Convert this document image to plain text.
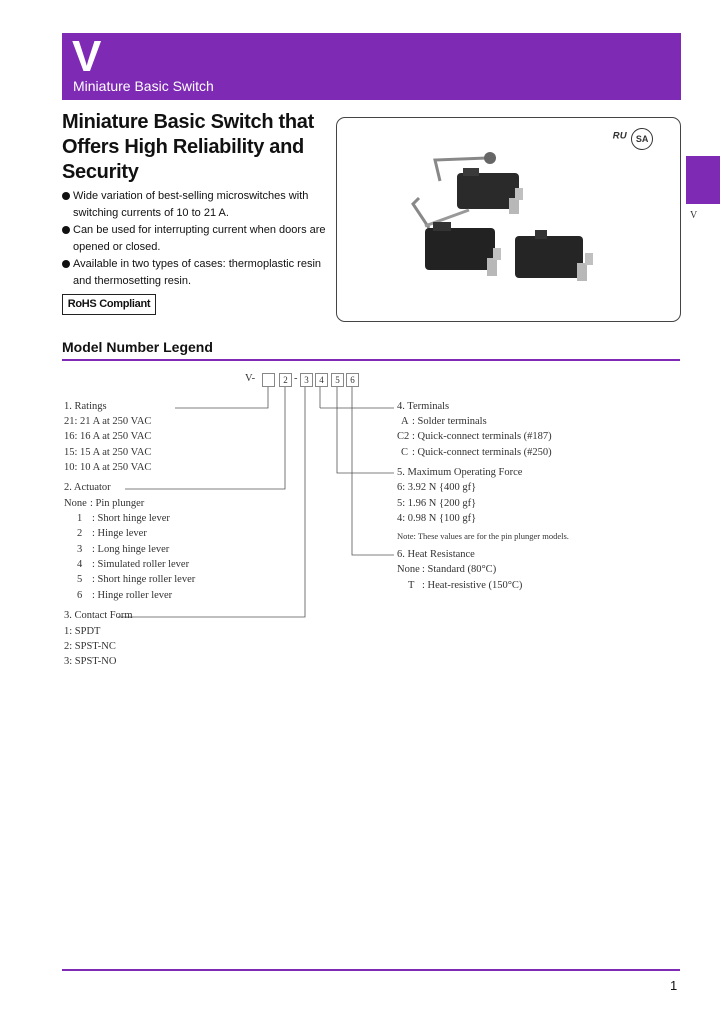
V
Miniature Basic Switch
V
Miniature Basic Switch that Offers High Reliability and Security
Wide variation of best-selling microswitches with switching currents of 10 to 21 A.
Can be used for interrupting current when doors are opened or closed.
Available in two types of cases: thermoplastic resin and thermosetting resin.
RoHS Compliant
ᴿᵁ SA
Model Number Legend
V-	2 - 3	4	5	6
1. Ratings
21: 21 A at 250 VAC
16: 16 A at 250 VAC
15: 15 A at 250 VAC
10: 10 A at 250 VAC
2. Actuator
None : Pin plunger
1 : Short hinge lever
2 : Hinge lever
3 : Long hinge lever
4 : Simulated roller lever
5 : Short hinge roller lever
6 : Hinge roller lever
3. Contact Form
1: SPDT
2: SPST-NC
3: SPST-NO
4. Terminals
A : Solder terminals
C2 : Quick-connect terminals (#187)
C : Quick-connect terminals (#250)
5. Maximum Operating Force
6: 3.92 N {400 gf}
5: 1.96 N {200 gf}
4: 0.98 N {100 gf}
Note: These values are for the pin plunger models.
6. Heat Resistance
None : Standard (80°C)
T : Heat-resistive (150°C)
1
